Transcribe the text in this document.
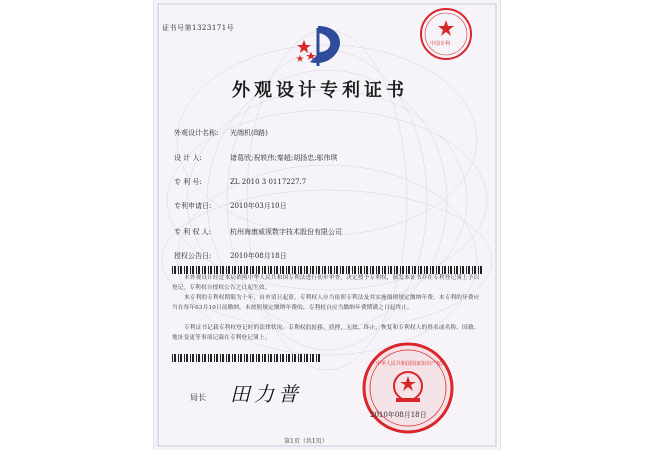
证书号第1323171号
中国专利
外观设计专利证书
外观设计名称: 光端机(8路)
设 计 人:	诸葛欣;祝轶伟;秦超;胡扬忠;邬伟琪
专 利 号:	ZL 2010 3 0117227.7
专利申请日:	2010年03月10日
专 利 权 人:	杭州海康威视数字技术股份有限公司
授权公告日:	2010年08月18日
本外观设计经过本局依照中华人民共和国专利法进行初步审查，决定授予专利权，颁发本证书并在专利登记簿上予以登记。专利权自授权公告之日起生效。
本专利的专利权期限为十年，自申请日起算。专利权人应当依照专利法及其实施细则规定缴纳年费。本专利的年费应当在每年03月10日前缴纳。未按照规定缴纳年费的，专利权自应当缴纳年费期满之日起终止。
专利证书记载专利权登记时的法律状况。专利权的转移、质押、无效、终止、恢复和专利权人的姓名或名称、国籍、地址变更等事项记载在专利登记簿上。
局长 田力普
中华人民共和国国家知识产权局
2010年08月18日
第1页（共1页）
